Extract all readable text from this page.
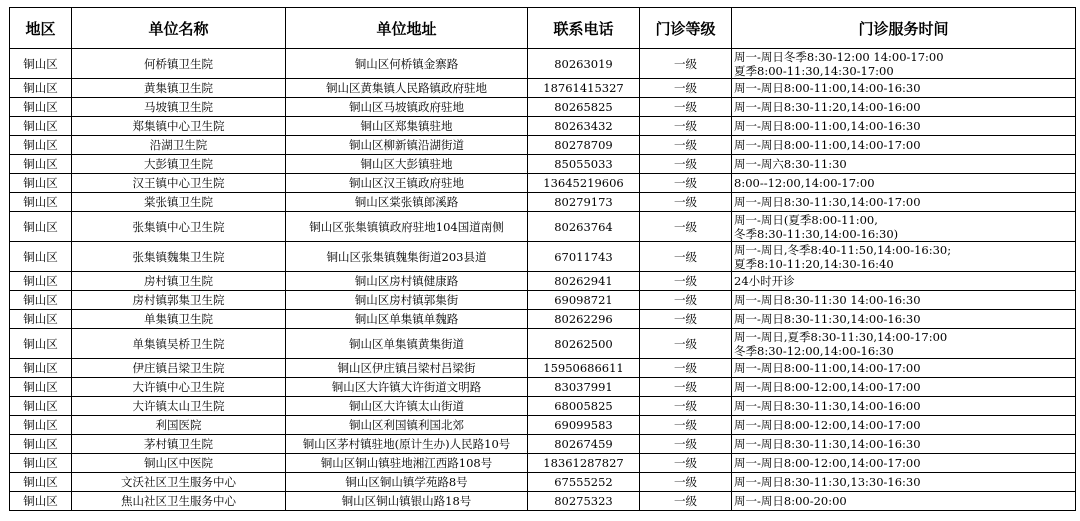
地区	单位名称	单位地址	联系电话	门诊等级	门诊服务时间
铜山区	何桥镇卫生院	铜山区何桥镇金寨路	80263019	一级	周一-周日冬季8:30-12:00 14:00-17:00
夏季8:00-11:30,14:30-17:00

铜山区	黄集镇卫生院	铜山区黄集镇人民路镇政府驻地	18761415327	一级	周一-周日8:00-11:00,14:00-16:30

铜山区	马坡镇卫生院	铜山区马坡镇政府驻地	80265825	一级	周一-周日8:30-11:20,14:00-16:00

铜山区	郑集镇中心卫生院	铜山区郑集镇驻地	80263432	一级	周一-周日8:00-11:00,14:00-16:30

铜山区	沿湖卫生院	铜山区柳新镇沿湖街道	80278709	一级	周一-周日8:00-11:00,14:00-17:00

铜山区	大彭镇卫生院	铜山区大彭镇驻地	85055033	一级	周一-周六8:30-11:30

铜山区	汉王镇中心卫生院	铜山区汉王镇政府驻地	13645219606	一级	8:00--12:00,14:00-17:00

铜山区	棠张镇卫生院	铜山区棠张镇郎溪路	80279173	一级	周一-周日8:30-11:30,14:00-17:00

铜山区	张集镇中心卫生院	铜山区张集镇镇政府驻地104国道南侧	80263764	一级	周一-周日(夏季8:00-11:00,
冬季8:30-11:30,14:00-16:30)

铜山区	张集镇魏集卫生院	铜山区张集镇魏集街道203县道	67011743	一级	周一-周日,冬季8:40-11:50,14:00-16:30;
夏季8:10-11:20,14:30-16:40

铜山区	房村镇卫生院	铜山区房村镇健康路	80262941	一级	24小时开诊

铜山区	房村镇郭集卫生院	铜山区房村镇郭集街	69098721	一级	周一-周日8:30-11:30 14:00-16:30

铜山区	单集镇卫生院	铜山区单集镇单魏路	80262296	一级	周一-周日8:30-11:30,14:00-16:30

铜山区	单集镇吴桥卫生院	铜山区单集镇黄集街道	80262500	一级	周一-周日,夏季8:30-11:30,14:00-17:00
冬季8:30-12:00,14:00-16:30

铜山区	伊庄镇吕梁卫生院	铜山区伊庄镇吕梁村吕梁街	15950686611	一级	周一-周日8:00-11:00,14:00-17:00

铜山区	大许镇中心卫生院	铜山区大许镇大许街道文明路	83037991	一级	周一-周日8:00-12:00,14:00-17:00

铜山区	大许镇太山卫生院	铜山区大许镇太山街道	68005825	一级	周一-周日8:30-11:30,14:00-16:00

铜山区	利国医院	铜山区利国镇利国北郊	69099583	一级	周一-周日8:00-12:00,14:00-17:00

铜山区	茅村镇卫生院	铜山区茅村镇驻地(原计生办)人民路10号	80267459	一级	周一-周日8:30-11:30,14:00-16:30

铜山区	铜山区中医院	铜山区铜山镇驻地湘江西路108号	18361287827	一级	周一-周日8:00-12:00,14:00-17:00

铜山区	文沃社区卫生服务中心	铜山区铜山镇学苑路8号	67555252	一级	周一-周日8:30-11:30,13:30-16:30

铜山区	焦山社区卫生服务中心	铜山区铜山镇银山路18号	80275323	一级	周一-周日8:00-20:00
